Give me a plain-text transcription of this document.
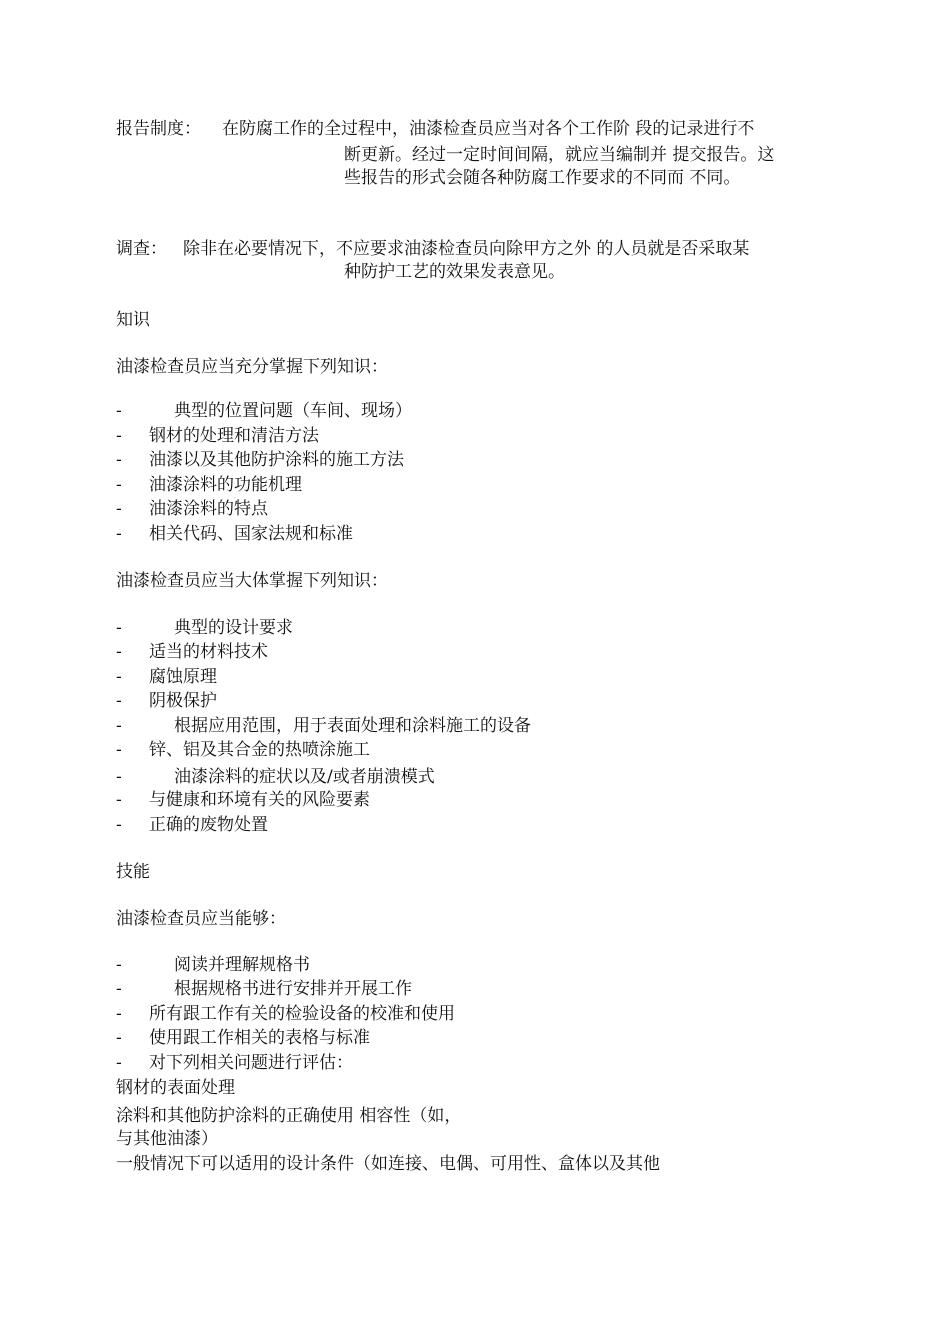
报告制度： 在防腐工作的全过程中，油漆检查员应当对各个工作阶 段的记录进行不
断更新。经过一定时间间隔，就应当编制并 提交报告。这
些报告的形式会随各种防腐工作要求的不同而 不同。
调查： 除非在必要情况下，不应要求油漆检查员向除甲方之外 的人员就是否采取某
种防护工艺的效果发表意见。
知识
油漆检查员应当充分掌握下列知识：
-	典型的位置问题（车间、现场）
- 钢材的处理和清洁方法
- 油漆以及其他防护涂料的施工方法
- 油漆涂料的功能机理
- 油漆涂料的特点
- 相关代码、国家法规和标准
油漆检查员应当大体掌握下列知识：
-	典型的设计要求
- 适当的材料技术
- 腐蚀原理
- 阴极保护
-	根据应用范围，用于表面处理和涂料施工的设备
- 锌、铝及其合金的热喷涂施工
-	油漆涂料的症状以及/或者崩溃模式
- 与健康和环境有关的风险要素
- 正确的废物处置
技能
油漆检查员应当能够：
-	阅读并理解规格书
-	根据规格书进行安排并开展工作
- 所有跟工作有关的检验设备的校准和使用
- 使用跟工作相关的表格与标准
- 对下列相关问题进行评估：
钢材的表面处理
涂料和其他防护涂料的正确使用 相容性（如，
与其他油漆）
一般情况下可以适用的设计条件（如连接、电偶、可用性、盒体以及其他
